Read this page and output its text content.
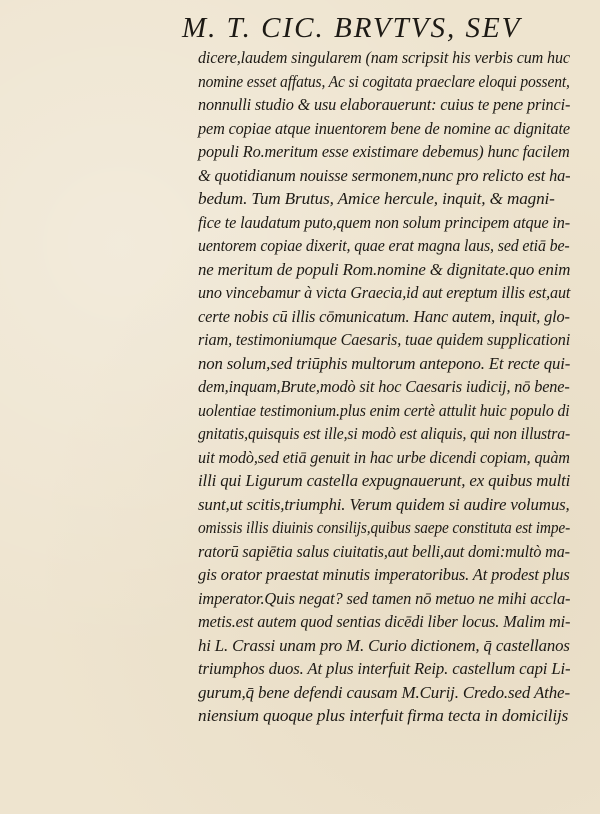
M. T. CIC. BRVTVS, SEV
dicere,laudem singularem (nam scripsit his verbis cum huc
nomine esset affatus, Ac si cogitata praeclare eloqui possent,
nonnulli studio & usu elaborauerunt: cuius te pene princi-
pem copiae atque inuentorem bene de nomine ac dignitate
populi Ro.meritum esse existimare debemus) hunc facilem
& quotidianum nouisse sermonem,nunc pro relicto est ha-
bedum. Tum Brutus, Amice hercule, inquit, & magni-
fice te laudatum puto,quem non solum principem atque in-
uentorem copiae dixerit, quae erat magna laus, sed etiā be-
ne meritum de populi Rom.nomine & dignitate.quo enim
uno vincebamur à victa Graecia,id aut ereptum illis est,aut
certe nobis cū illis cōmunicatum. Hanc autem, inquit, glo-
riam, testimoniumque Caesaris, tuae quidem supplicationi
non solum,sed triūphis multorum antepono. Et recte qui-
dem,inquam,Brute,modò sit hoc Caesaris iudicij, nō bene-
uolentiae testimonium.plus enim certè attulit huic populo di
gnitatis,quisquis est ille,si modò est aliquis, qui non illustra-
uit modò,sed etiā genuit in hac urbe dicendi copiam, quàm
illi qui Ligurum castella expugnauerunt, ex quibus multi
sunt,ut scitis,triumphi. Verum quidem si audire volumus,
omissis illis diuinis consilijs,quibus saepe constituta est impe-
ratorū sapiētia salus ciuitatis,aut belli,aut domi:multò ma-
gis orator praestat minutis imperatoribus. At prodest plus
imperator.Quis negat? sed tamen nō metuo ne mihi accla-
metis.est autem quod sentias dicēdi liber locus. Malim mi-
hi L. Crassi unam pro M. Curio dictionem, q̄ castellanos
triumphos duos. At plus interfuit Reip. castellum capi Li-
gurum,q̄ bene defendi causam M.Curij. Credo.sed Athe-
niensium quoque plus interfuit firma tecta in domicilijs
